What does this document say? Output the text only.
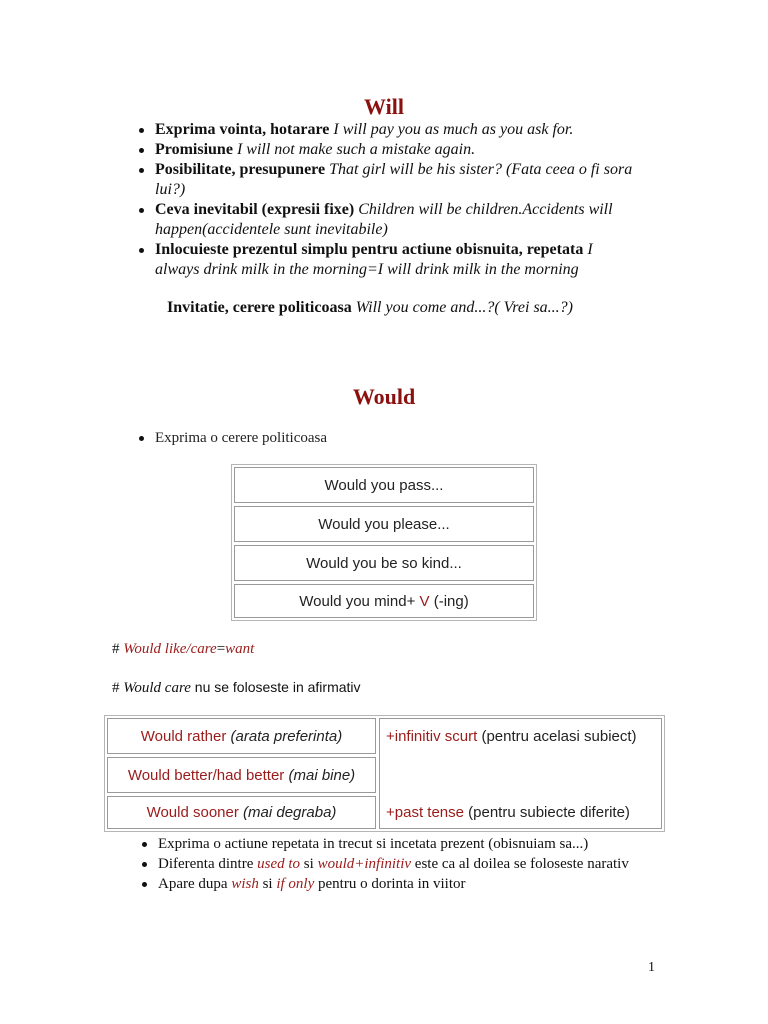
Will
Exprima vointa, hotarare I will pay you as much as you ask for.
Promisiune I will not make such a mistake again.
Posibilitate, presupunere That girl will be his sister? (Fata ceea o fi sora lui?)
Ceva inevitabil (expresii fixe) Children will be children.Accidents will happen(accidentele sunt inevitabile)
Inlocuieste prezentul simplu pentru actiune obisnuita, repetata I always drink milk in the morning=I will drink milk in the morning
Invitatie, cerere politicoasa Will you come and...?( Vrei sa...?)
Would
Exprima o cerere politicoasa
Would you pass...
Would you please...
Would you be so kind...
Would you mind+ V (-ing)
# Would like/care=want
# Would care nu se foloseste in afirmativ
Would rather (arata preferinta)
Would better/had better (mai bine)
Would sooner (mai degraba)
+infinitiv scurt (pentru acelasi subiect)
+past tense (pentru subiecte diferite)
Exprima o actiune repetata in trecut si incetata prezent (obisnuiam sa...)
Diferenta dintre used to si would+infinitiv este ca al doilea se foloseste narativ
Apare dupa wish si if only pentru o dorinta in viitor
1
